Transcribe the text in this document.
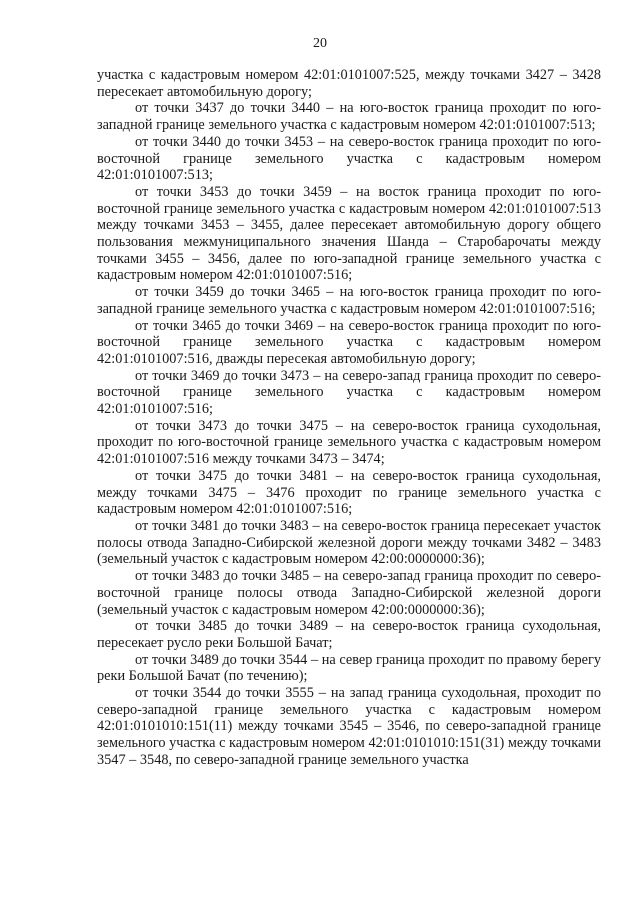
20

участка с кадастровым номером 42:01:0101007:525, между точками 3427 – 3428 пересекает автомобильную дорогу;

от точки 3437 до точки 3440 – на юго-восток граница проходит по юго-западной границе земельного участка с кадастровым номером 42:01:0101007:513;

от точки 3440 до точки 3453 – на северо-восток граница проходит по юго-восточной границе земельного участка с кадастровым номером 42:01:0101007:513;

от точки 3453 до точки 3459 – на восток граница проходит по юго-восточной границе земельного участка с кадастровым номером 42:01:0101007:513 между точками 3453 – 3455, далее пересекает автомобильную дорогу общего пользования межмуниципального значения Шанда – Старобарочаты между точками 3455 – 3456, далее по юго-западной границе земельного участка с кадастровым номером 42:01:0101007:516;

от точки 3459 до точки 3465 – на юго-восток граница проходит по юго-западной границе земельного участка с кадастровым номером 42:01:0101007:516;

от точки 3465 до точки 3469 – на северо-восток граница проходит по юго-восточной границе земельного участка с кадастровым номером 42:01:0101007:516, дважды пересекая автомобильную дорогу;

от точки 3469 до точки 3473 – на северо-запад граница проходит по северо-восточной границе земельного участка с кадастровым номером 42:01:0101007:516;

от точки 3473 до точки 3475 – на северо-восток граница суходольная, проходит по юго-восточной границе земельного участка с кадастровым номером 42:01:0101007:516 между точками 3473 – 3474;

от точки 3475 до точки 3481 – на северо-восток граница суходольная, между точками 3475 – 3476 проходит по границе земельного участка с кадастровым номером 42:01:0101007:516;

от точки 3481 до точки 3483 – на северо-восток граница пересекает участок полосы отвода Западно-Сибирской железной дороги между точками 3482 – 3483 (земельный участок с кадастровым номером 42:00:0000000:36);

от точки 3483 до точки 3485 – на северо-запад граница проходит по северо-восточной границе полосы отвода Западно-Сибирской железной дороги (земельный участок с кадастровым номером 42:00:0000000:36);

от точки 3485 до точки 3489 – на северо-восток граница суходольная, пересекает русло реки Большой Бачат;

от точки 3489 до точки 3544 – на север граница проходит по правому берегу реки Большой Бачат (по течению);

от точки 3544 до точки 3555 – на запад граница суходольная, проходит по северо-западной границе земельного участка с кадастровым номером 42:01:0101010:151(11) между точками 3545 – 3546, по северо-западной границе земельного участка с кадастровым номером 42:01:0101010:151(31) между точками 3547 – 3548, по северо-западной границе земельного участка
